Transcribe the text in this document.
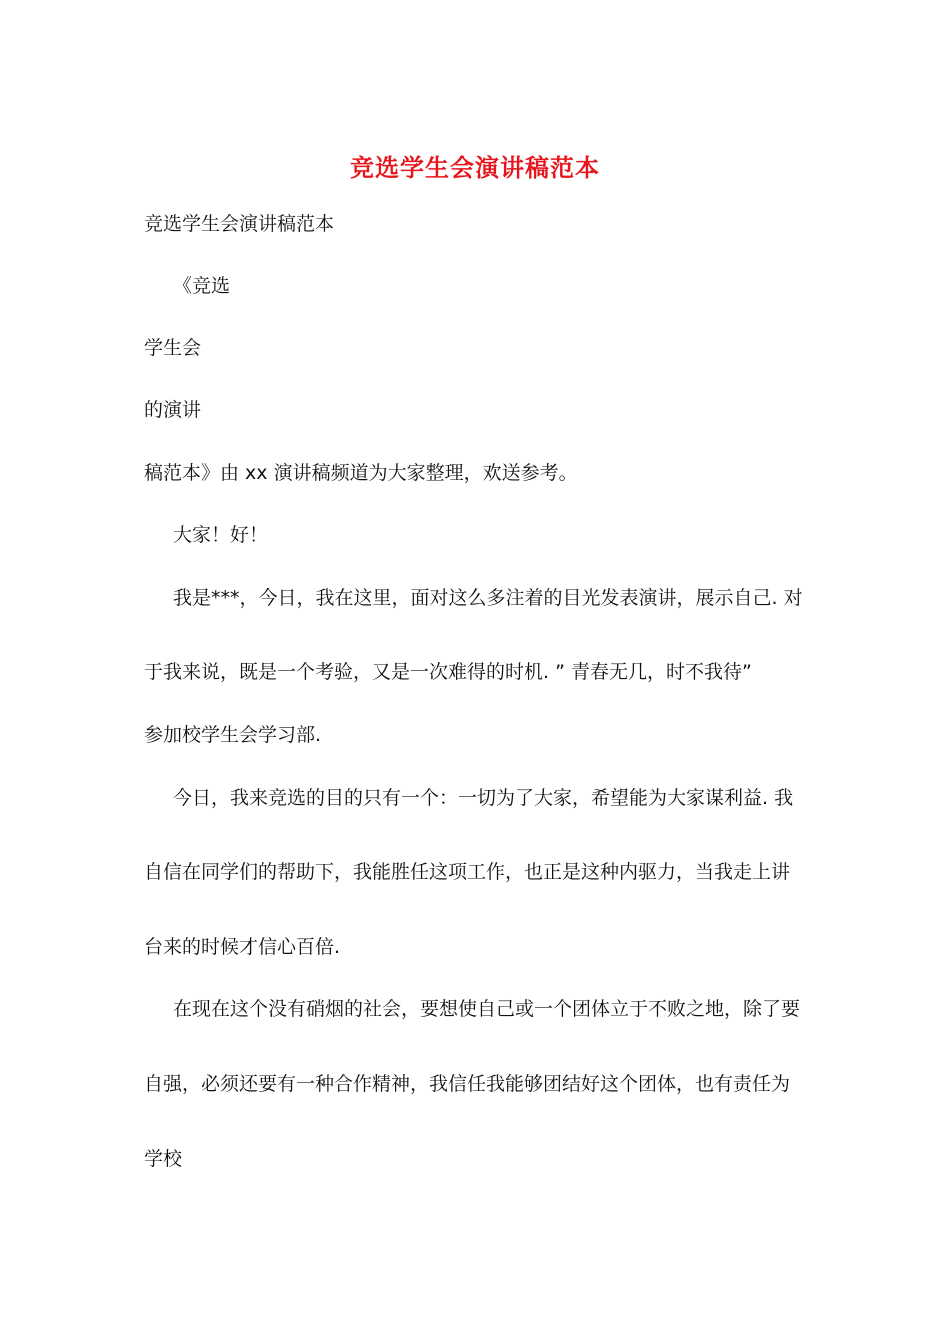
竞选学生会演讲稿范本
竞选学生会演讲稿范本
《竞选
学生会
的演讲
稿范本》由 xx 演讲稿频道为大家整理，欢送参考。
大家！好！
我是***，今日，我在这里，面对这么多注着的目光发表演讲，展示自己. 对
于我来说，既是一个考验，又是一次难得的时机. ” 青春无几，时不我待”
参加校学生会学习部.
今日，我来竞选的目的只有一个：一切为了大家，希望能为大家谋利益. 我
自信在同学们的帮助下，我能胜任这项工作，也正是这种内驱力，当我走上讲
台来的时候才信心百倍.
在现在这个没有硝烟的社会，要想使自己或一个团体立于不败之地，除了要
自强，必须还要有一种合作精神，我信任我能够团结好这个团体，也有责任为
学校
